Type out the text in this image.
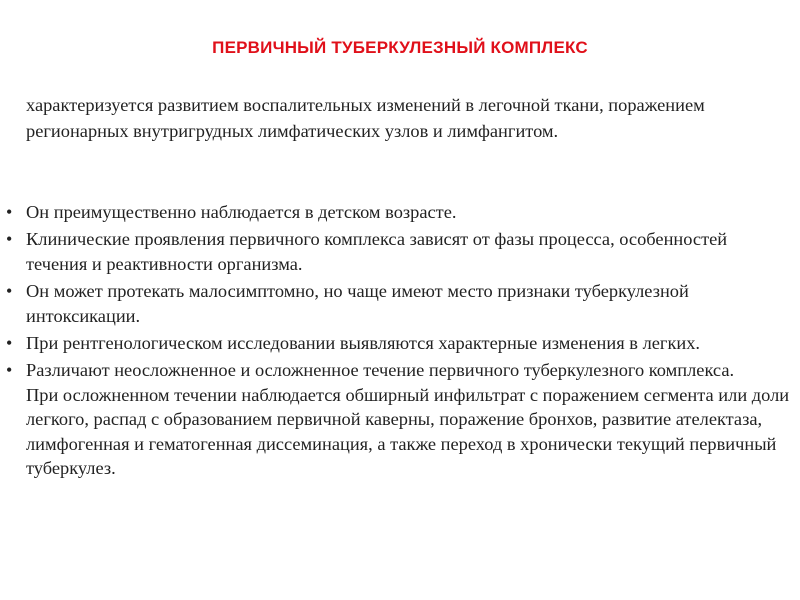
ПЕРВИЧНЫЙ ТУБЕРКУЛЕЗНЫЙ КОМПЛЕКС
характеризуется развитием воспалительных изменений в легочной ткани, поражением регионарных внутригрудных лимфатических узлов и лимфангитом.
• Он преимущественно наблюдается в детском возрасте.
• Клинические проявления первичного комплекса зависят от фазы процесса, особенностей течения и реактивности организма.
• Он может протекать малосимптомно, но чаще имеют место признаки туберкулезной интоксикации.
• При рентгенологическом исследовании выявляются характерные изменения в легких.
• Различают неосложненное и осложненное течение первичного туберкулезного комплекса.
При осложненном течении наблюдается обширный инфильтрат с поражением сегмента или доли легкого, распад с образованием первичной каверны, поражение бронхов, развитие ателектаза, лимфогенная и гематогенная диссеминация, а также переход в хронически текущий первичный туберкулез.
